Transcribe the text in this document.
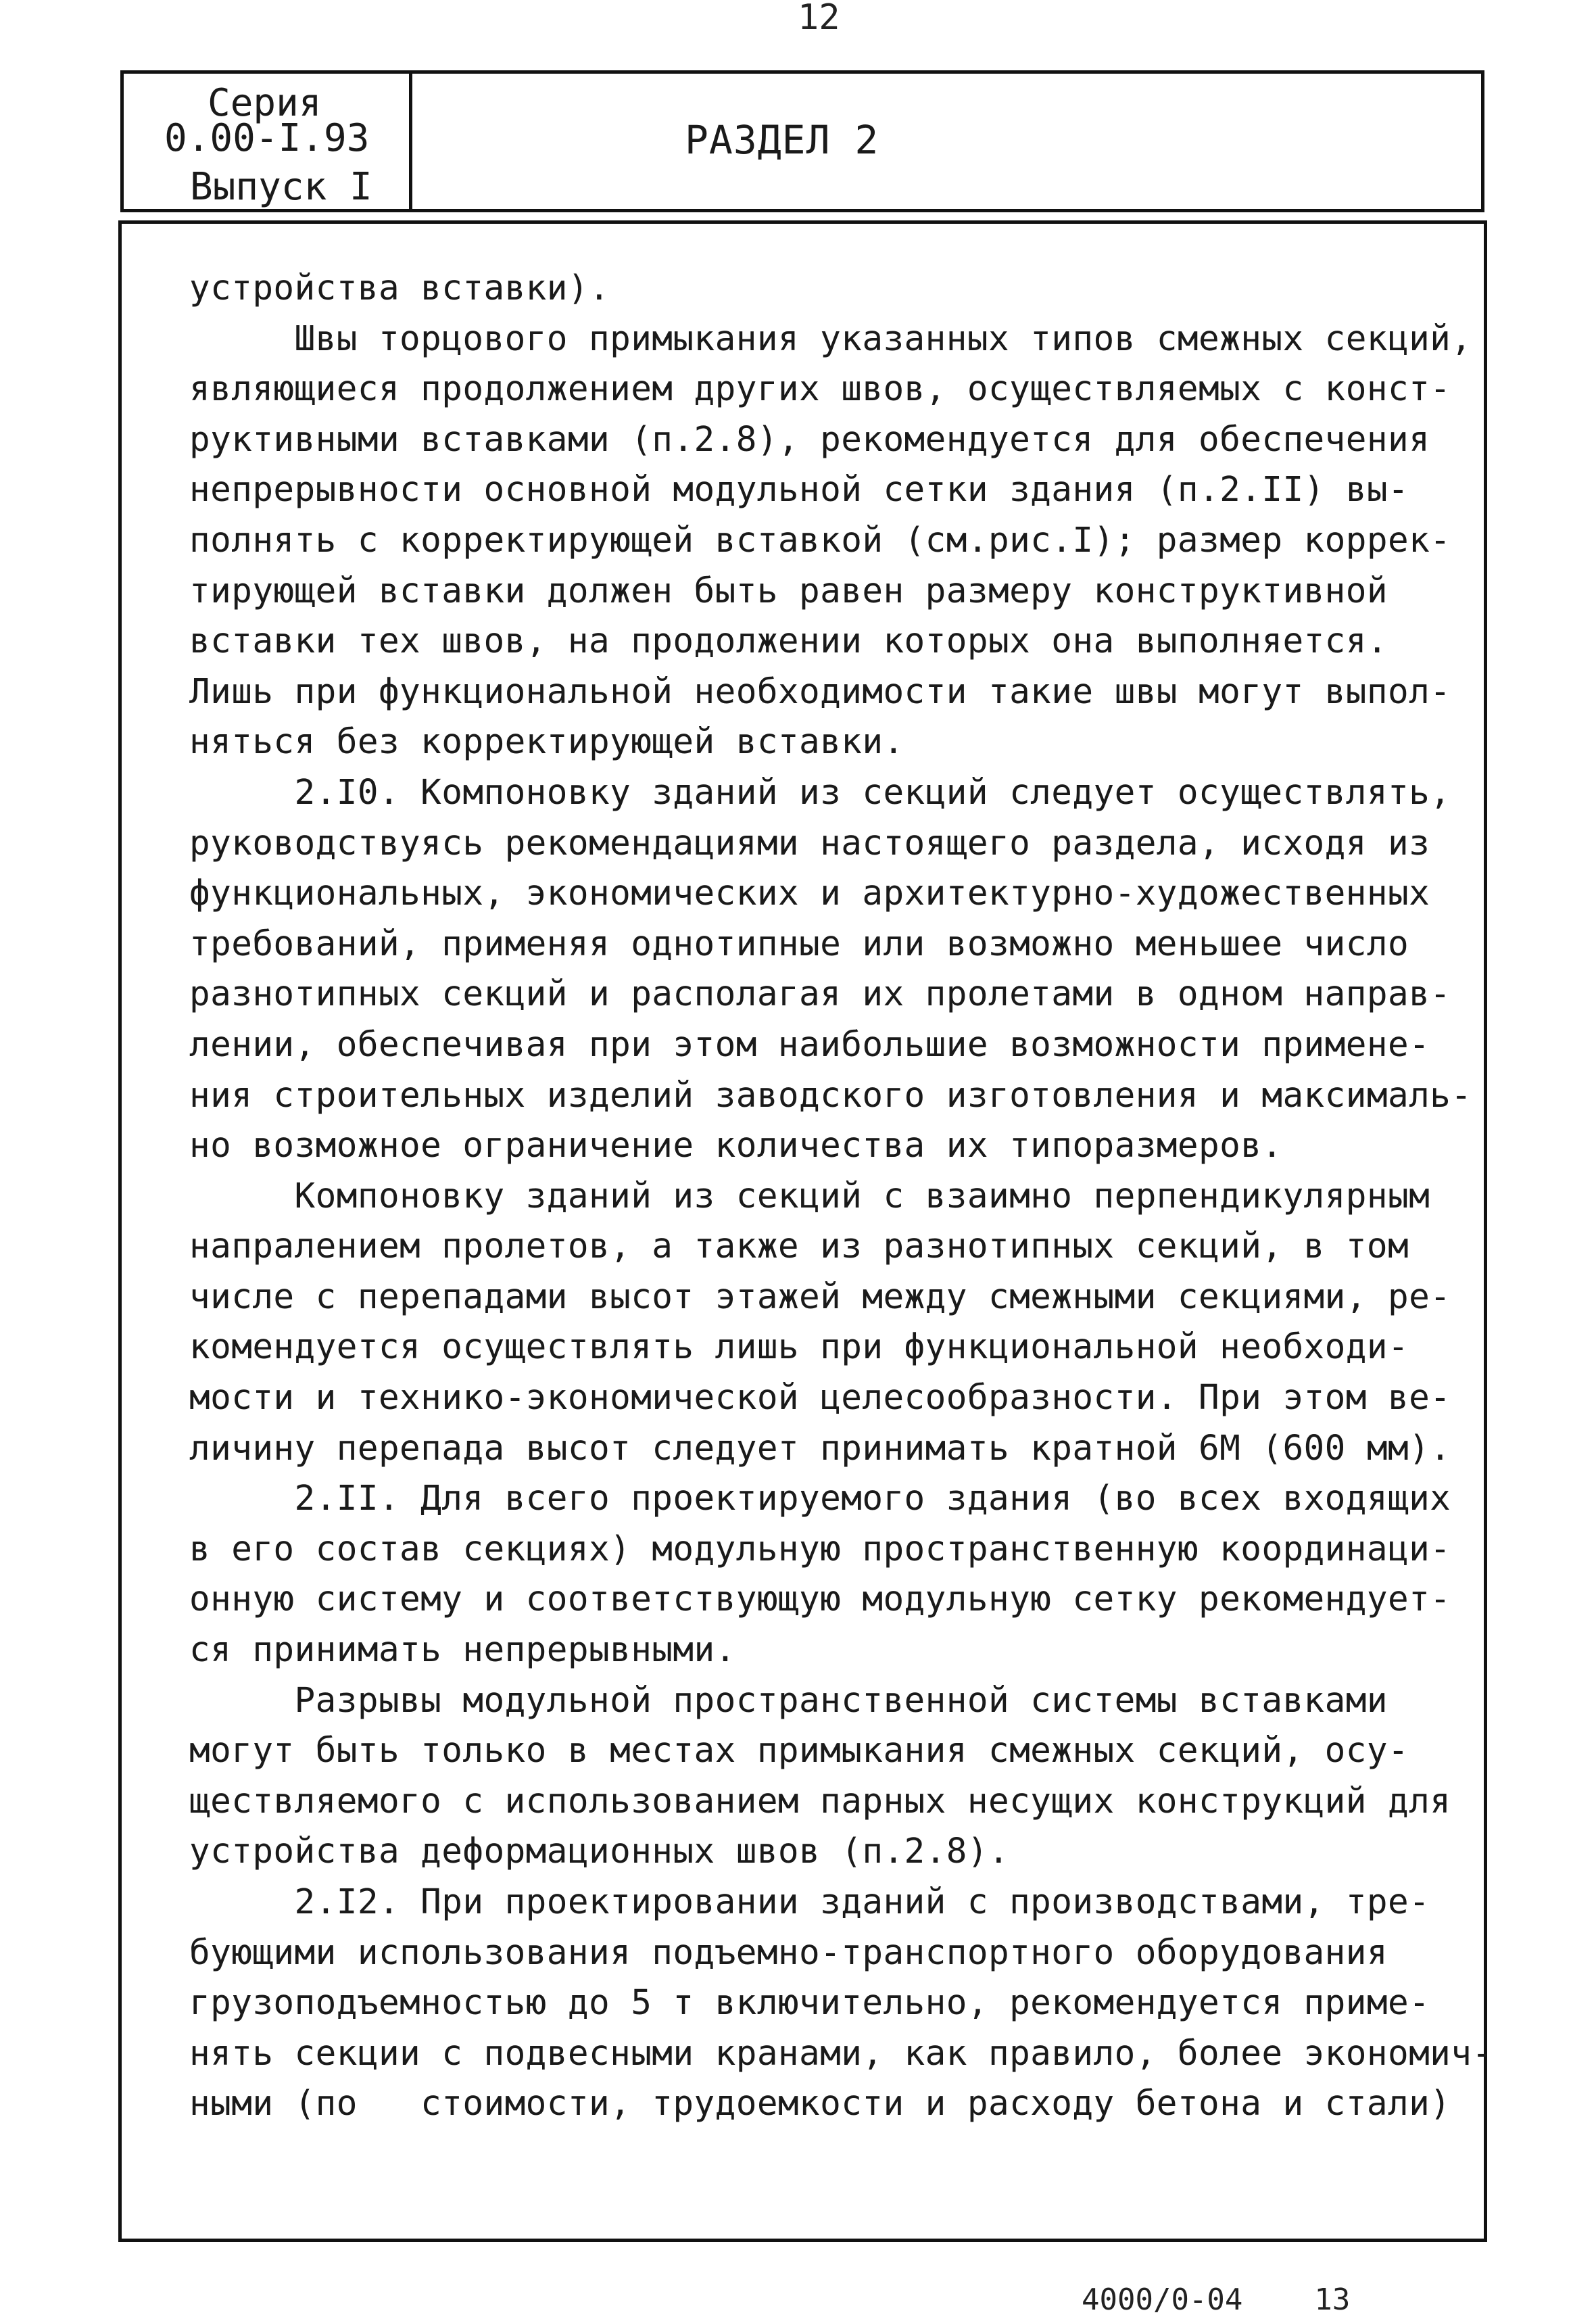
12
Серия
0.00-I.93
Выпуск I
РАЗДЕЛ 2
устройства вставки).
Швы торцового примыкания указанных типов смежных секций,
являющиеся продолжением других швов, осуществляемых с конст-
руктивными вставками (п.2.8), рекомендуется для обеспечения
непрерывности основной модульной сетки здания (п.2.II) вы-
полнять с корректирующей вставкой (см.рис.I); размер коррек-
тирующей вставки должен быть равен размеру конструктивной
вставки тех швов, на продолжении которых она выполняется.
Лишь при функциональной необходимости такие швы могут выпол-
няться без корректирующей вставки.
2.I0. Компоновку зданий из секций следует осуществлять,
руководствуясь рекомендациями настоящего раздела, исходя из
функциональных, экономических и архитектурно-художественных
требований, применяя однотипные или возможно меньшее число
разнотипных секций и располагая их пролетами в одном направ-
лении, обеспечивая при этом наибольшие возможности примене-
ния строительных изделий заводского изготовления и максималь-
но возможное ограничение количества их типоразмеров.
Компоновку зданий из секций с взаимно перпендикулярным
напралением пролетов, а также из разнотипных секций, в том
числе с перепадами высот этажей между смежными секциями, ре-
комендуется осуществлять лишь при функциональной необходи-
мости и технико-экономической целесообразности. При этом ве-
личину перепада высот следует принимать кратной 6М (600 мм).
2.II. Для всего проектируемого здания (во всех входящих
в его состав секциях) модульную пространственную координаци-
онную систему и соответствующую модульную сетку рекомендует-
ся принимать непрерывными.
Разрывы модульной пространственной системы вставками
могут быть только в местах примыкания смежных секций, осу-
ществляемого с использованием парных несущих конструкций для
устройства деформационных швов (п.2.8).
2.I2. При проектировании зданий с производствами, тре-
бующими использования подъемно-транспортного оборудования
грузоподъемностью до 5 т включительно, рекомендуется приме-
нять секции с подвесными кранами, как правило, более экономич-
ными (по   стоимости, трудоемкости и расходу бетона и стали)
4000/0-04 13
